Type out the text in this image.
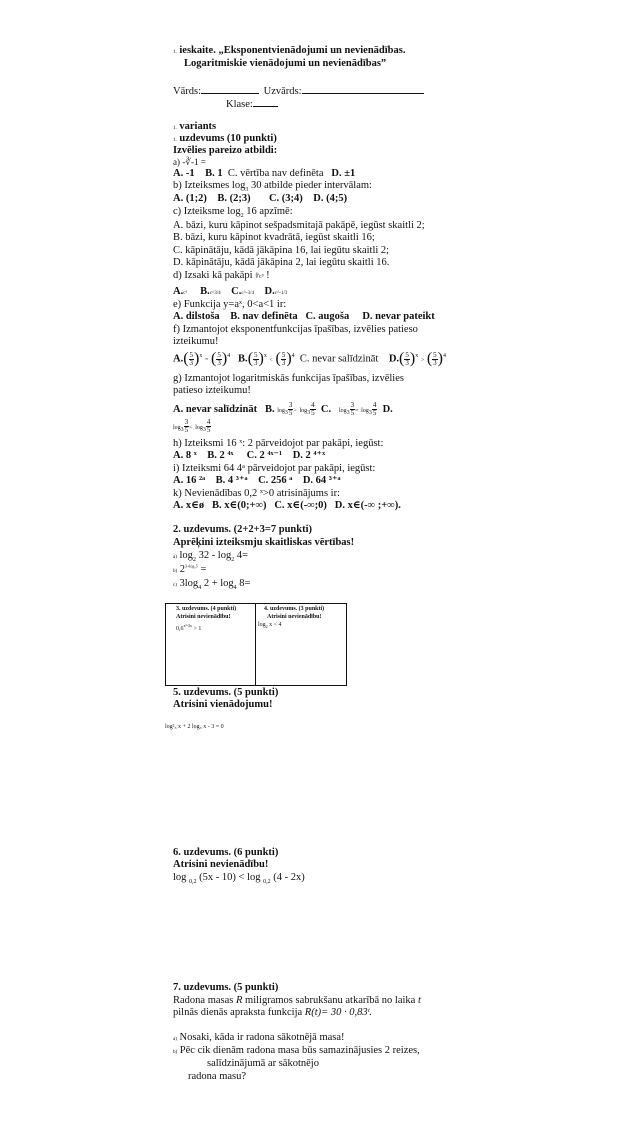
1. ieskaite. „Eksponentvienādojumi un nevienādības.
Logaritmiskie vienādojumi un nevienādības”
Vārds:	Uzvārds:
Klase:
1. variants
1. uzdevums (10 punkti)
Izvēlies pareizo atbildi:
a) -∛-1 =
A. -1 B. 1 C. vērtība nav definēta D. ±1
b) Izteiksmes $\log_3 30$ atbilde pieder intervālam:
A. (1;2) B. (2;3) C. (3;4) D. (4;5)
c) Izteiksme $\log_2 16$ apzīmē:
A. bāzi, kuru kāpinot sešpadsmitajā pakāpē, iegūst skaitli 2;
B. bāzi, kuru kāpinot kvadrātā, iegūst skaitli 16;
C. kāpinātāju, kādā jākāpina 16, lai iegūtu skaitli 2;
D. kāpinātāju, kādā jākāpina 2, lai iegūtu skaitli 16.
d) Izsaki kā pakāpi ∜c³ !
A.c³ B.c^3/4 C.c^-3/4 D.c^-1/3
e) Funkcija y=aˣ, 0<a<1 ir:
A. dilstoša B. nav definēta C. augoša D. nevar pateikt
f) Izmantojot eksponentfunkcijas īpašības, izvēlies patieso
izteikumu!
$A.( \frac{5}{3} )^x$ = ( $\frac{5}{3} )^4$ $B.( \frac{5}{3} )^x$ < ( $\frac{5}{3} )^4$ C. nevar salīdzināt $D.( \frac{5}{3} )^x$ > ( $\frac{5}{3} )^4$
g) Izmantojot logaritmiskās funkcijas īpašības, izvēlies
patieso izteikumu!
A. nevar salīdzināt B. $\log_3 \frac{3}{5} > \log_3 \frac{4}{5} C$. $\log_3 \frac{3}{5} = \log_3 \frac{4}{5} D$.
$\log_3 \frac{3}{5} < \log_3 \frac{4}{5}$
h) Izteiksmi 16 ˣ: 2 pārveidojot par pakāpi, iegūst:
A. 8 ˣ B. 2 ⁴ˣ C. 2 ⁴ˣ⁻¹ D. 2 ⁴⁺ˣ
i) Izteiksmi 64 4ᵃ pārveidojot par pakāpi, iegūst:
A. 16 ²ᵃ B. 4 ³⁺ᵃ C. 256 ᵃ D. 64 ³⁺ᵃ
k) Nevienādības 0,2 ˣ>0 atrisinājums ir:
A. x∈ø B. x∈(0;+∞) C. x∈(-∞;0) D. x∈(-∞ ;+∞).
2. uzdevums. (2+2+3=7 punkti)
Aprēķini izteiksmju skaitliskas vērtības!
a) $\log_2 32 - \log_2 4=$
b) $2^{3+log_25}$ =
c) $3\log_4$ $2 + \log_4 8=$
3. uzdevums. (4 punkti)
Atrisini nevienādību!
$0,6^{x^2-3x} > 1$
4. uzdevums. (3 punkti)
Atrisini nevienādību!
$\log_2 x < 4$
5. uzdevums. (5 punkti)
Atrisini vienādojumu!
log²₃ x + 2 log₃ x - 3 = 0
6. uzdevums. (6 punkti)
Atrisini nevienādību!
log $_{0,2}$ (5x - 10) < log $_{0,2}$ (4 - 2x)
7. uzdevums. (5 punkti)
Radona masas R miligramos sabrukšanu atkarībā no laika t
pilnās dienās apraksta funkcija R(t)= 30 · 0,83ᵗ.
a) Nosaki, kāda ir radona sākotnējā masa!
b) Pēc cik dienām radona masa būs samazinājusies 2 reizes,
salīdzinājumā ar sākotnējo
radona masu?
